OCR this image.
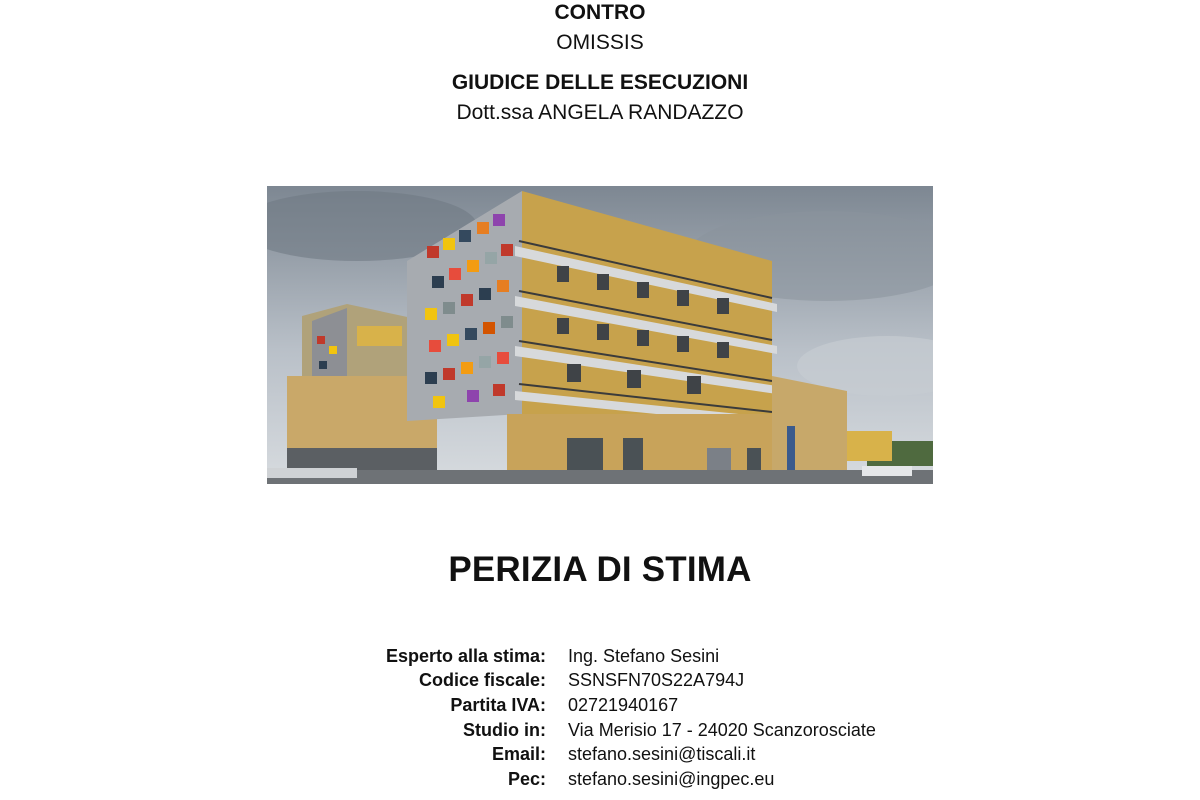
CONTRO
OMISSIS
GIUDICE DELLE ESECUZIONI
Dott.ssa ANGELA RANDAZZO
PERIZIA DI STIMA
Esperto alla stima:	Ing. Stefano Sesini
Codice fiscale:	SSNSFN70S22A794J
Partita IVA:	02721940167
Studio in:	Via Merisio 17 - 24020 Scanzorosciate
Email:	stefano.sesini@tiscali.it
Pec:	stefano.sesini@ingpec.eu
